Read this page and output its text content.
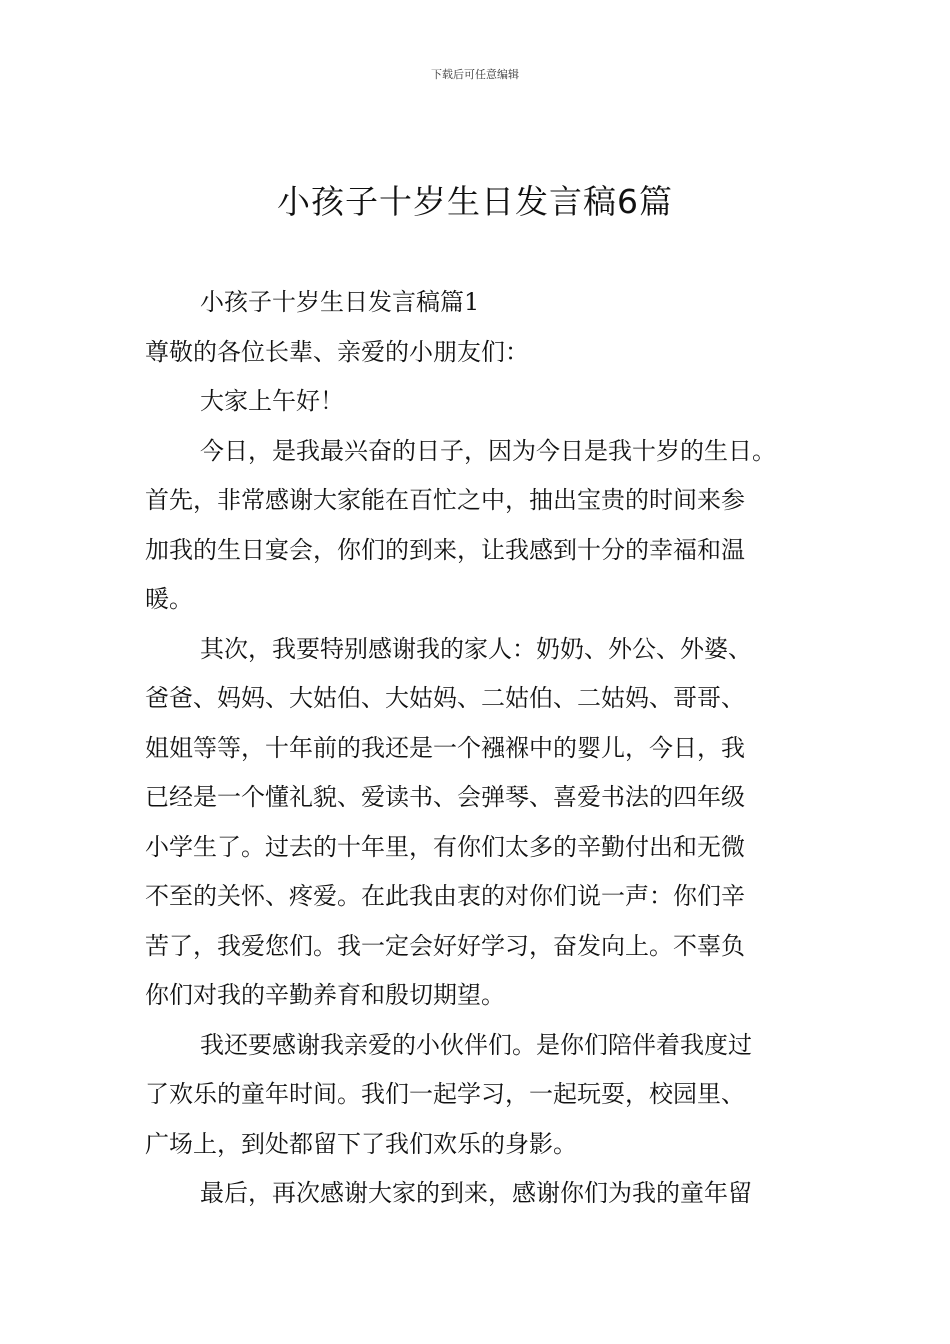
下载后可任意编辑
小孩子十岁生日发言稿6篇
小孩子十岁生日发言稿篇1
尊敬的各位长辈、亲爱的小朋友们：
大家上午好！
今日，是我最兴奋的日子，因为今日是我十岁的生日。
首先，非常感谢大家能在百忙之中，抽出宝贵的时间来参
加我的生日宴会，你们的到来，让我感到十分的幸福和温
暖。
其次，我要特别感谢我的家人：奶奶、外公、外婆、
爸爸、妈妈、大姑伯、大姑妈、二姑伯、二姑妈、哥哥、
姐姐等等，十年前的我还是一个襁褓中的婴儿，今日，我
已经是一个懂礼貌、爱读书、会弹琴、喜爱书法的四年级
小学生了。过去的十年里，有你们太多的辛勤付出和无微
不至的关怀、疼爱。在此我由衷的对你们说一声：你们辛
苦了，我爱您们。我一定会好好学习，奋发向上。不辜负
你们对我的辛勤养育和殷切期望。
我还要感谢我亲爱的小伙伴们。是你们陪伴着我度过
了欢乐的童年时间。我们一起学习，一起玩耍，校园里、
广场上，到处都留下了我们欢乐的身影。
最后，再次感谢大家的到来，感谢你们为我的童年留
